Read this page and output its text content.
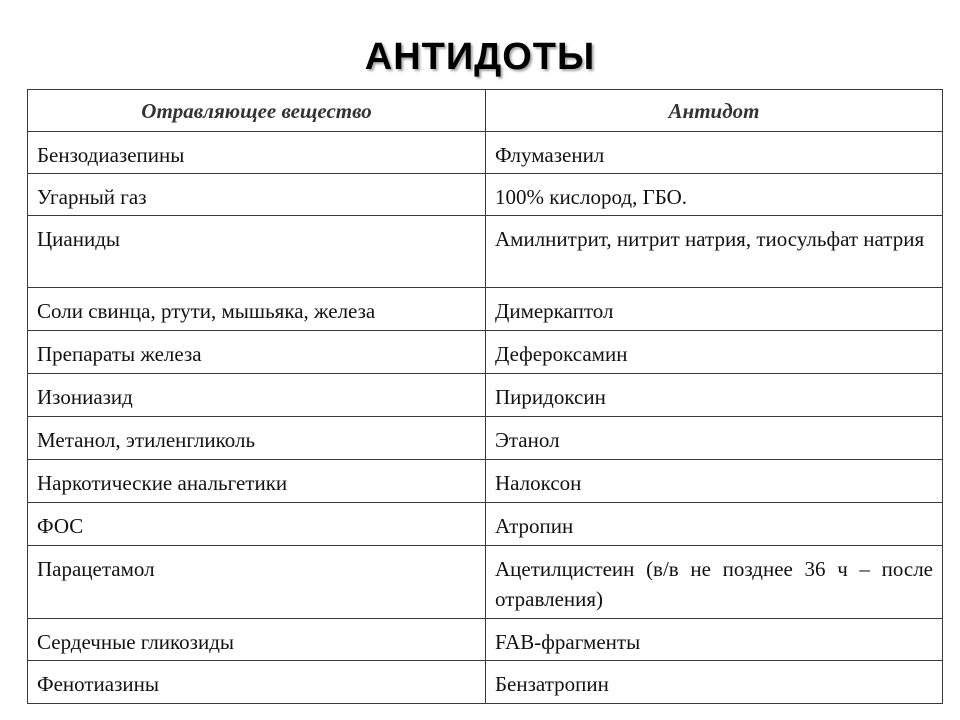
АНТИДОТЫ
Отравляющее вещество	Антидот
Бензодиазепины	Флумазенил
Угарный газ	100% кислород, ГБО.
Цианиды	Амилнитрит, нитрит натрия, тиосульфат натрия
Соли свинца, ртути, мышьяка, железа	Димеркаптол
Препараты железа	Дефероксамин
Изониазид	Пиридоксин
Метанол, этиленгликоль	Этанол
Наркотические анальгетики	Налоксон
ФОС	Атропин
Парацетамол	Ацетилцистеин (в/в не позднее 36 ч – после отравления)
Сердечные гликозиды	FAB-фрагменты
Фенотиазины	Бензатропин
